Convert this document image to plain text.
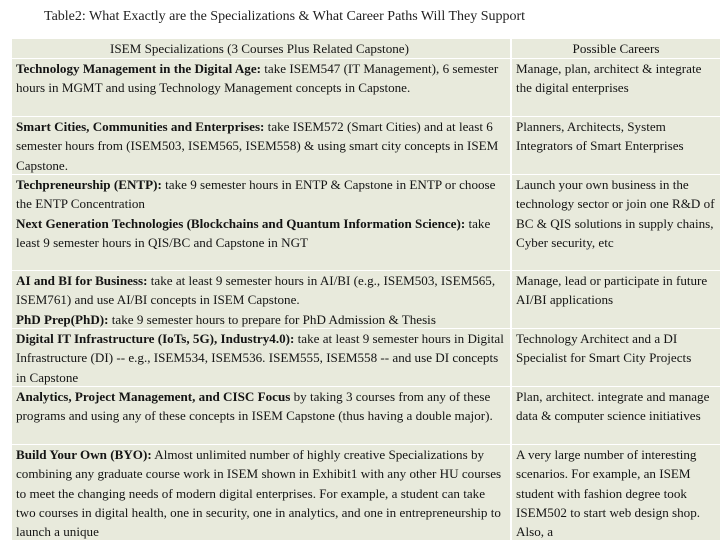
Table2: What Exactly are the Specializations & What Career Paths Will They Support
ISEM Specializations (3 Courses Plus Related Capstone)	Possible Careers
Technology Management in the Digital Age: take ISEM547 (IT Management), 6 semester hours in MGMT and using Technology Management concepts in Capstone.
Manage, plan, architect & integrate the digital enterprises
Smart Cities, Communities and Enterprises: take ISEM572 (Smart Cities) and at least 6 semester hours from (ISEM503, ISEM565, ISEM558) & using smart city concepts in ISEM Capstone.
Planners, Architects, System Integrators of Smart Enterprises
Techpreneurship (ENTP): take 9 semester hours in ENTP & Capstone in ENTP or choose the ENTP Concentration
Next Generation Technologies (Blockchains and Quantum Information Science): take least 9 semester hours in QIS/BC and Capstone in NGT
Launch your own business in the technology sector or join one R&D of BC & QIS solutions in supply chains, Cyber security, etc
AI and BI for Business: take at least 9 semester hours in AI/BI (e.g., ISEM503, ISEM565, ISEM761) and use AI/BI concepts in ISEM Capstone.
PhD Prep(PhD): take 9 semester hours to prepare for PhD Admission & Thesis
Manage, lead or participate in future AI/BI applications
Digital IT Infrastructure (IoTs, 5G), Industry4.0): take at least 9 semester hours in Digital Infrastructure (DI) -- e.g., ISEM534, ISEM536. ISEM555, ISEM558 -- and use DI concepts in Capstone
Technology Architect and a DI Specialist for Smart City Projects
Analytics, Project Management, and CISC Focus by taking 3 courses from any of these programs and using any of these concepts in ISEM Capstone (thus having a double major).
Plan, architect. integrate and manage data & computer science initiatives
Build Your Own (BYO): Almost unlimited number of highly creative Specializations by combining any graduate course work in ISEM shown in Exhibit1 with any other HU courses to meet the changing needs of modern digital enterprises. For example, a student can take two courses in digital health, one in security, one in analytics, and one in entrepreneurship to launch a unique
A very large number of interesting scenarios. For example, an ISEM student with fashion degree took ISEM502 to start web design shop. Also, a
